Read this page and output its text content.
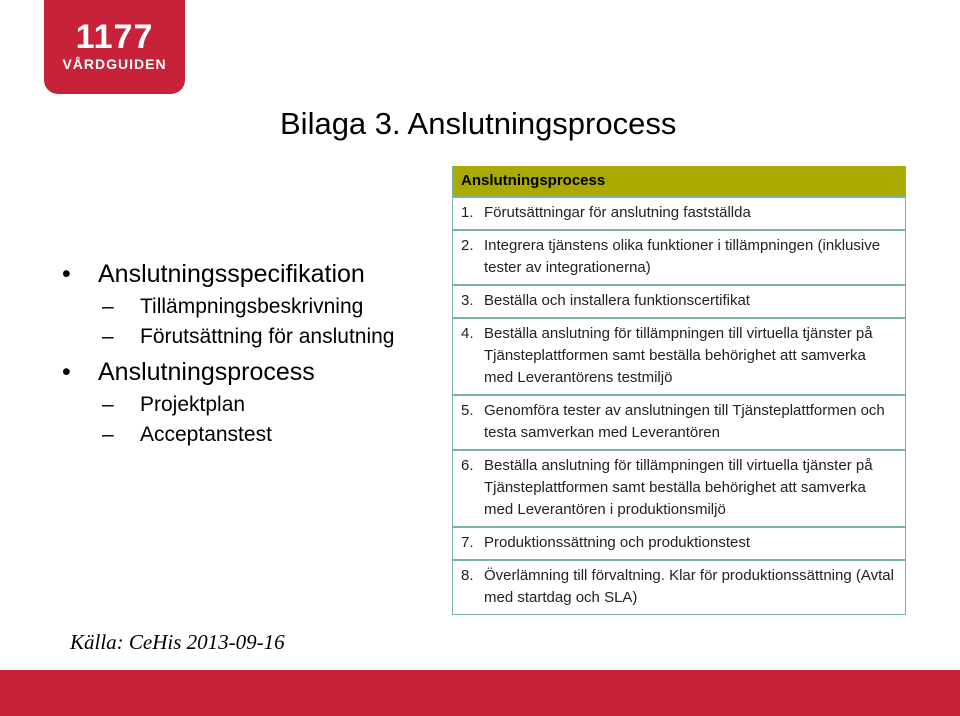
1177
VÅRDGUIDEN
Bilaga 3. Anslutningsprocess
• Anslutningsspecifikation
– Tillämpningsbeskrivning
– Förutsättning för anslutning
• Anslutningsprocess
– Projektplan
– Acceptanstest
Källa: CeHis 2013-09-16
Anslutningsprocess
1. Förutsättningar för anslutning fastställda
2. Integrera tjänstens olika funktioner i tillämpningen (inklusive tester av integrationerna)
3. Beställa och installera funktionscertifikat
4. Beställa anslutning för tillämpningen till virtuella tjänster på Tjänsteplattformen samt beställa behörighet att samverka med Leverantörens testmiljö
5. Genomföra tester av anslutningen till Tjänsteplattformen och testa samverkan med Leverantören
6. Beställa anslutning för tillämpningen till virtuella tjänster på Tjänsteplattformen samt beställa behörighet att samverka med Leverantören i produktionsmiljö
7. Produktionssättning och produktionstest
8. Överlämning till förvaltning. Klar för produktionssättning (Avtal med startdag och SLA)
